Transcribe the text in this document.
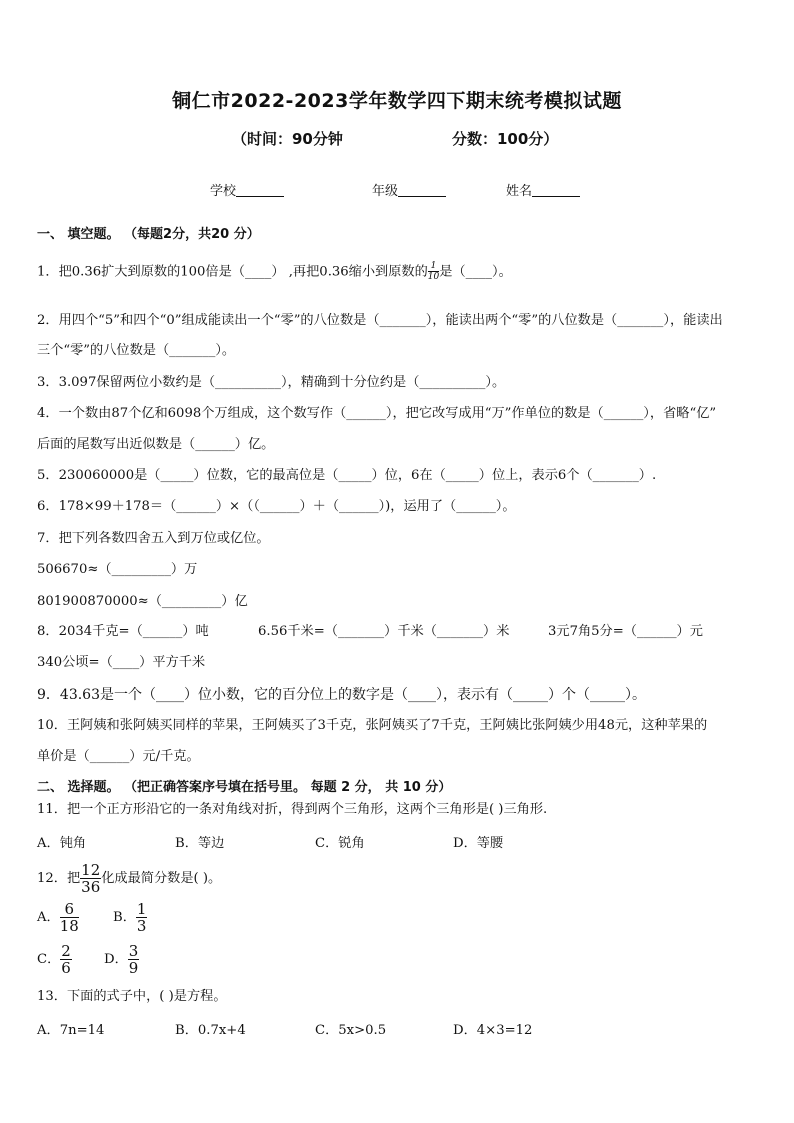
铜仁市2022-2023学年数学四下期末统考模拟试题
（时间：90分钟	分数：100分）
学校	年级	姓名
一、 填空题。 （每题2分，共20 分）
1．把0.36扩大到原数的100倍是（____） ,再把0.36缩小到原数的 $\frac{1}{10}$ 是（____）。
2．用四个“5”和四个“0”组成能读出一个“零”的八位数是（_______），能读出两个“零”的八位数是（_______），能读出
三个“零”的八位数是（_______）。
3．3.097保留两位小数约是（__________），精确到十分位约是（__________）。
4．一个数由87个亿和6098个万组成，这个数写作（______），把它改写成用“万”作单位的数是（______），省略“亿”
后面的尾数写出近似数是（______）亿。
5．230060000是（_____）位数，它的最高位是（_____）位，6在（_____）位上，表示6个（_______）.
6．178×99＋178＝（______）×（（______）＋（______）)，运用了（______）。
7．把下列各数四舍五入到万位或亿位。
506670≈（_________）万
801900870000≈（_________）亿
8．2034千克=（______）吨	6.56千米=（_______）千米（_______）米	3元7角5分=（______）元
340公顷=（____）平方千米
9．43.63是一个（____）位小数，它的百分位上的数字是（____），表示有（_____）个（_____）。
10．王阿姨和张阿姨买同样的苹果，王阿姨买了3千克，张阿姨买了7千克，王阿姨比张阿姨少用48元，这种苹果的
单价是（______）元/千克。
二、 选择题。 （把正确答案序号填在括号里。 每题 2 分， 共 10 分）
11．把一个正方形沿它的一条对角线对折，得到两个三角形，这两个三角形是( )三角形.
A．钝角	B．等边	C．锐角	D．等腰
12．把 $\frac{12}{36}$ 化成最简分数是( )。
A． $\frac{6}{18}$	B． $\frac{1}{3}$
C． $\frac{2}{6}$ D． $\frac{3}{9}$
13．下面的式子中，( )是方程。
A．7n=14	B．0.7x+4	C．5x>0.5	D．4×3=12
